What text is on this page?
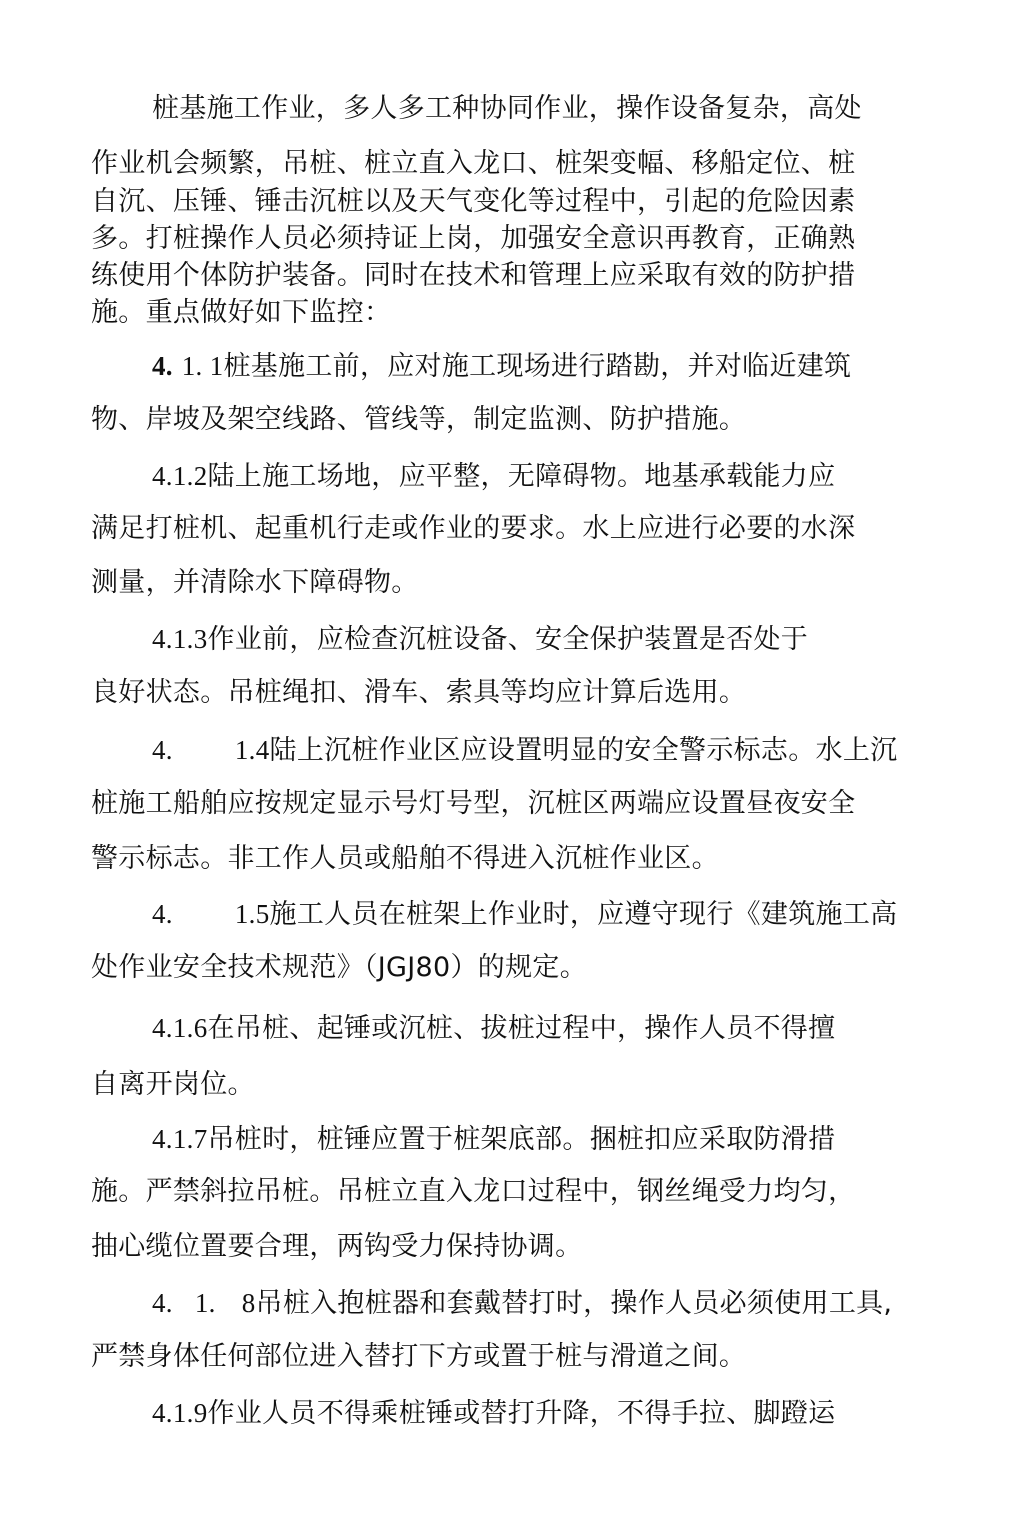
桩基施工作业，多人多工种协同作业，操作设备复杂，高处
作业机会频繁，吊桩、桩立直入龙口、桩架变幅、移船定位、桩
自沉、压锤、锤击沉桩以及天气变化等过程中，引起的危险因素
多。打桩操作人员必须持证上岗，加强安全意识再教育，正确熟
练使用个体防护装备。同时在技术和管理上应采取有效的防护措
施。重点做好如下监控：
4. 1. 1桩基施工前，应对施工现场进行踏勘，并对临近建筑
物、岸坡及架空线路、管线等，制定监测、防护措施。
4.1.2陆上施工场地，应平整，无障碍物。地基承载能力应
满足打桩机、起重机行走或作业的要求。水上应进行必要的水深
测量，并清除水下障碍物。
4.1.3作业前，应检查沉桩设备、安全保护装置是否处于
良好状态。吊桩绳扣、滑车、索具等均应计算后选用。
4. 1.4陆上沉桩作业区应设置明显的安全警示标志。水上沉
桩施工船舶应按规定显示号灯号型，沉桩区两端应设置昼夜安全
警示标志。非工作人员或船舶不得进入沉桩作业区。
4. 1.5施工人员在桩架上作业时，应遵守现行《建筑施工高
处作业安全技术规范》（JGJ80）的规定。
4.1.6在吊桩、起锤或沉桩、拔桩过程中，操作人员不得擅
自离开岗位。
4.1.7吊桩时，桩锤应置于桩架底部。捆桩扣应采取防滑措
施。严禁斜拉吊桩。吊桩立直入龙口过程中，钢丝绳受力均匀，
抽心缆位置要合理，两钩受力保持协调。
4. 1. 8吊桩入抱桩器和套戴替打时，操作人员必须使用工具,
严禁身体任何部位进入替打下方或置于桩与滑道之间。
4.1.9作业人员不得乘桩锤或替打升降，不得手拉、脚蹬运
